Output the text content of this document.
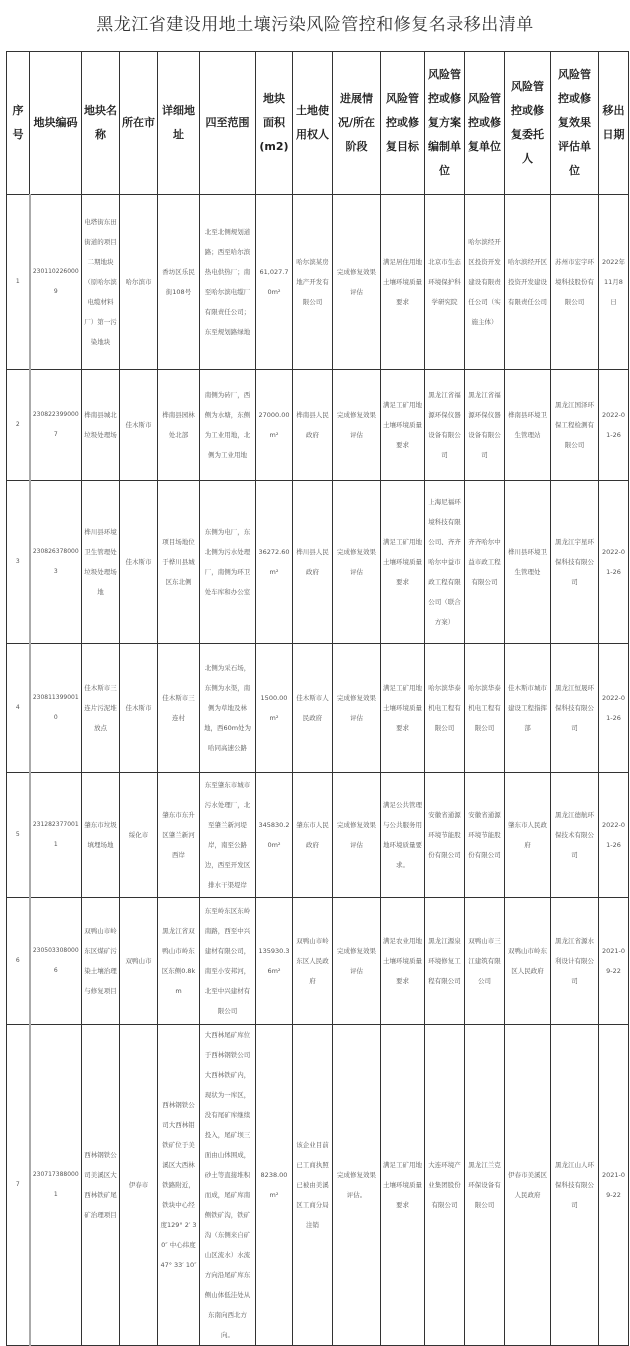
黑龙江省建设用地土壤污染风险管控和修复名录移出清单
序号	地块编码	地块名称	所在市	详细地址	四至范围	地块面积(m2)	土地使用权人	进展情况/所在阶段	风险管控或修复目标	风险管控或修复方案编制单位	风险管控或修复单位	风险管控或修复委托人	风险管控或修复效果评估单位	移出日期
1	2301102260009	电塔街东田街道的项目二期地块（原哈尔滨电缆材料厂）第一污染地块	哈尔滨市	香坊区乐民街108号	北至北侧规划道路；西至哈尔滨热电供热厂；南至哈尔滨电缆厂有限责任公司；东至规划路绿地	61,027.70m²	哈尔滨某房地产开发有限公司	完成修复效果评估	满足居住用地土壤环境质量要求	北京市生态环境保护科学研究院	哈尔滨经开区投资开发建设有限责任公司（实施主体）	哈尔滨经开区投资开发建设有限责任公司	苏州市宏宇环境科技股份有限公司	2022年11月8日
2	2308223990007	桦南县城北垃圾处理场	佳木斯市	桦南县园林处北部	南侧为砖厂，西侧为水塘，东侧为工业用地，北侧为工业用地	27000.00m²	桦南县人民政府	完成修复效果评估	满足工矿用地土壤环境质量要求	黑龙江省福源环保仪器设备有限公司	黑龙江省福源环保仪器设备有限公司	桦南县环境卫生管理站	黑龙江国泽环保工程检测有限公司	2022-01-26
3	2308263780003	桦川县环境卫生管理处垃圾处理场地	佳木斯市	项目场地位于桦川县城区东北侧	东侧为电厂，东北侧为污水处理厂，南侧为环卫处车库和办公室	36272.60m²	桦川县人民政府	完成修复效果评估	满足工矿用地土壤环境质量要求	上海尼福环境科技有限公司、齐齐哈尔中益市政工程有限公司（联合方案）	齐齐哈尔中益市政工程有限公司	桦川县环境卫生管理处	黑龙江宇星环保科技有限公司	2022-01-26
4	2308113990010	佳木斯市三连片污泥堆放点	佳木斯市	佳木斯市三连村	北侧为采石场，东侧为水渠，南侧为草地及林地，西60m处为哈同高速公路	1500.00m²	佳木斯市人民政府	完成修复效果评估	满足工矿用地土壤环境质量要求	哈尔滨华泰机电工程有限公司	哈尔滨华泰机电工程有限公司	佳木斯市城市建设工程指挥部	黑龙江恒晟环保科技有限公司	2022-01-26
5	2312823770011	肇东市垃圾填埋场地	绥化市	肇东市东升区肇兰新河西岸	东至肇东市城市污水处理厂，北至肇兰新河堤岸，南至公路边，西至开发区排水干渠堤岸	345830.20m²	肇东市人民政府	完成修复效果评估	满足公共管理与公共服务用地环境质量要求。	安徽省通源环境节能股份有限公司	安徽省通源环境节能股份有限公司	肇东市人民政府	黑龙江德航环保技术有限公司	2022-01-26
6	2305033080006	双鸭山市岭东区煤矿污染土壤治理与修复项目	双鸭山市	黑龙江省双鸭山市岭东区东侧0.8km	东至岭东区东岭南路，西至中兴建材有限公司，南至小安邦河，北至中兴建材有限公司	135930.36m²	双鸭山市岭东区人民政府	完成修复效果评估	满足农业用地土壤环境质量要求	黑龙江源泉环境修复工程有限公司	双鸭山市三江建筑有限公司	双鸭山市岭东区人民政府	黑龙江省源水利设计有限公司	2021-09-22
7	2307173880001	西林钢铁公司美溪区大西林铁矿尾矿治理项目	伊春市	西林钢铁公司大西林钼铁矿位于美溪区大西林铁路附近，铁块中心经度129° 2′ 30″ 中心纬度47° 33′ 10″	大西林尾矿库位于西林钢铁公司大西林铁矿内，现状为一库区，没有尾矿库继续投入，尾矿坝三面由山体围成，砂土等直接堆积而成，尾矿库南侧铁矿沟，铁矿沟（东侧来自矿山区流水）水流方向沿尾矿库东侧山体低洼处从东南向西北方向。	8238.00m²	该企业目前已工商执照已被由美溪区工商分局注销	完成修复效果评估。	满足工矿用地土壤环境质量要求	大连环境产业集团股份有限公司	黑龙江兰克环保设备有限公司	伊春市美溪区人民政府	黑龙江山人环保科技有限公司	2021-09-22
